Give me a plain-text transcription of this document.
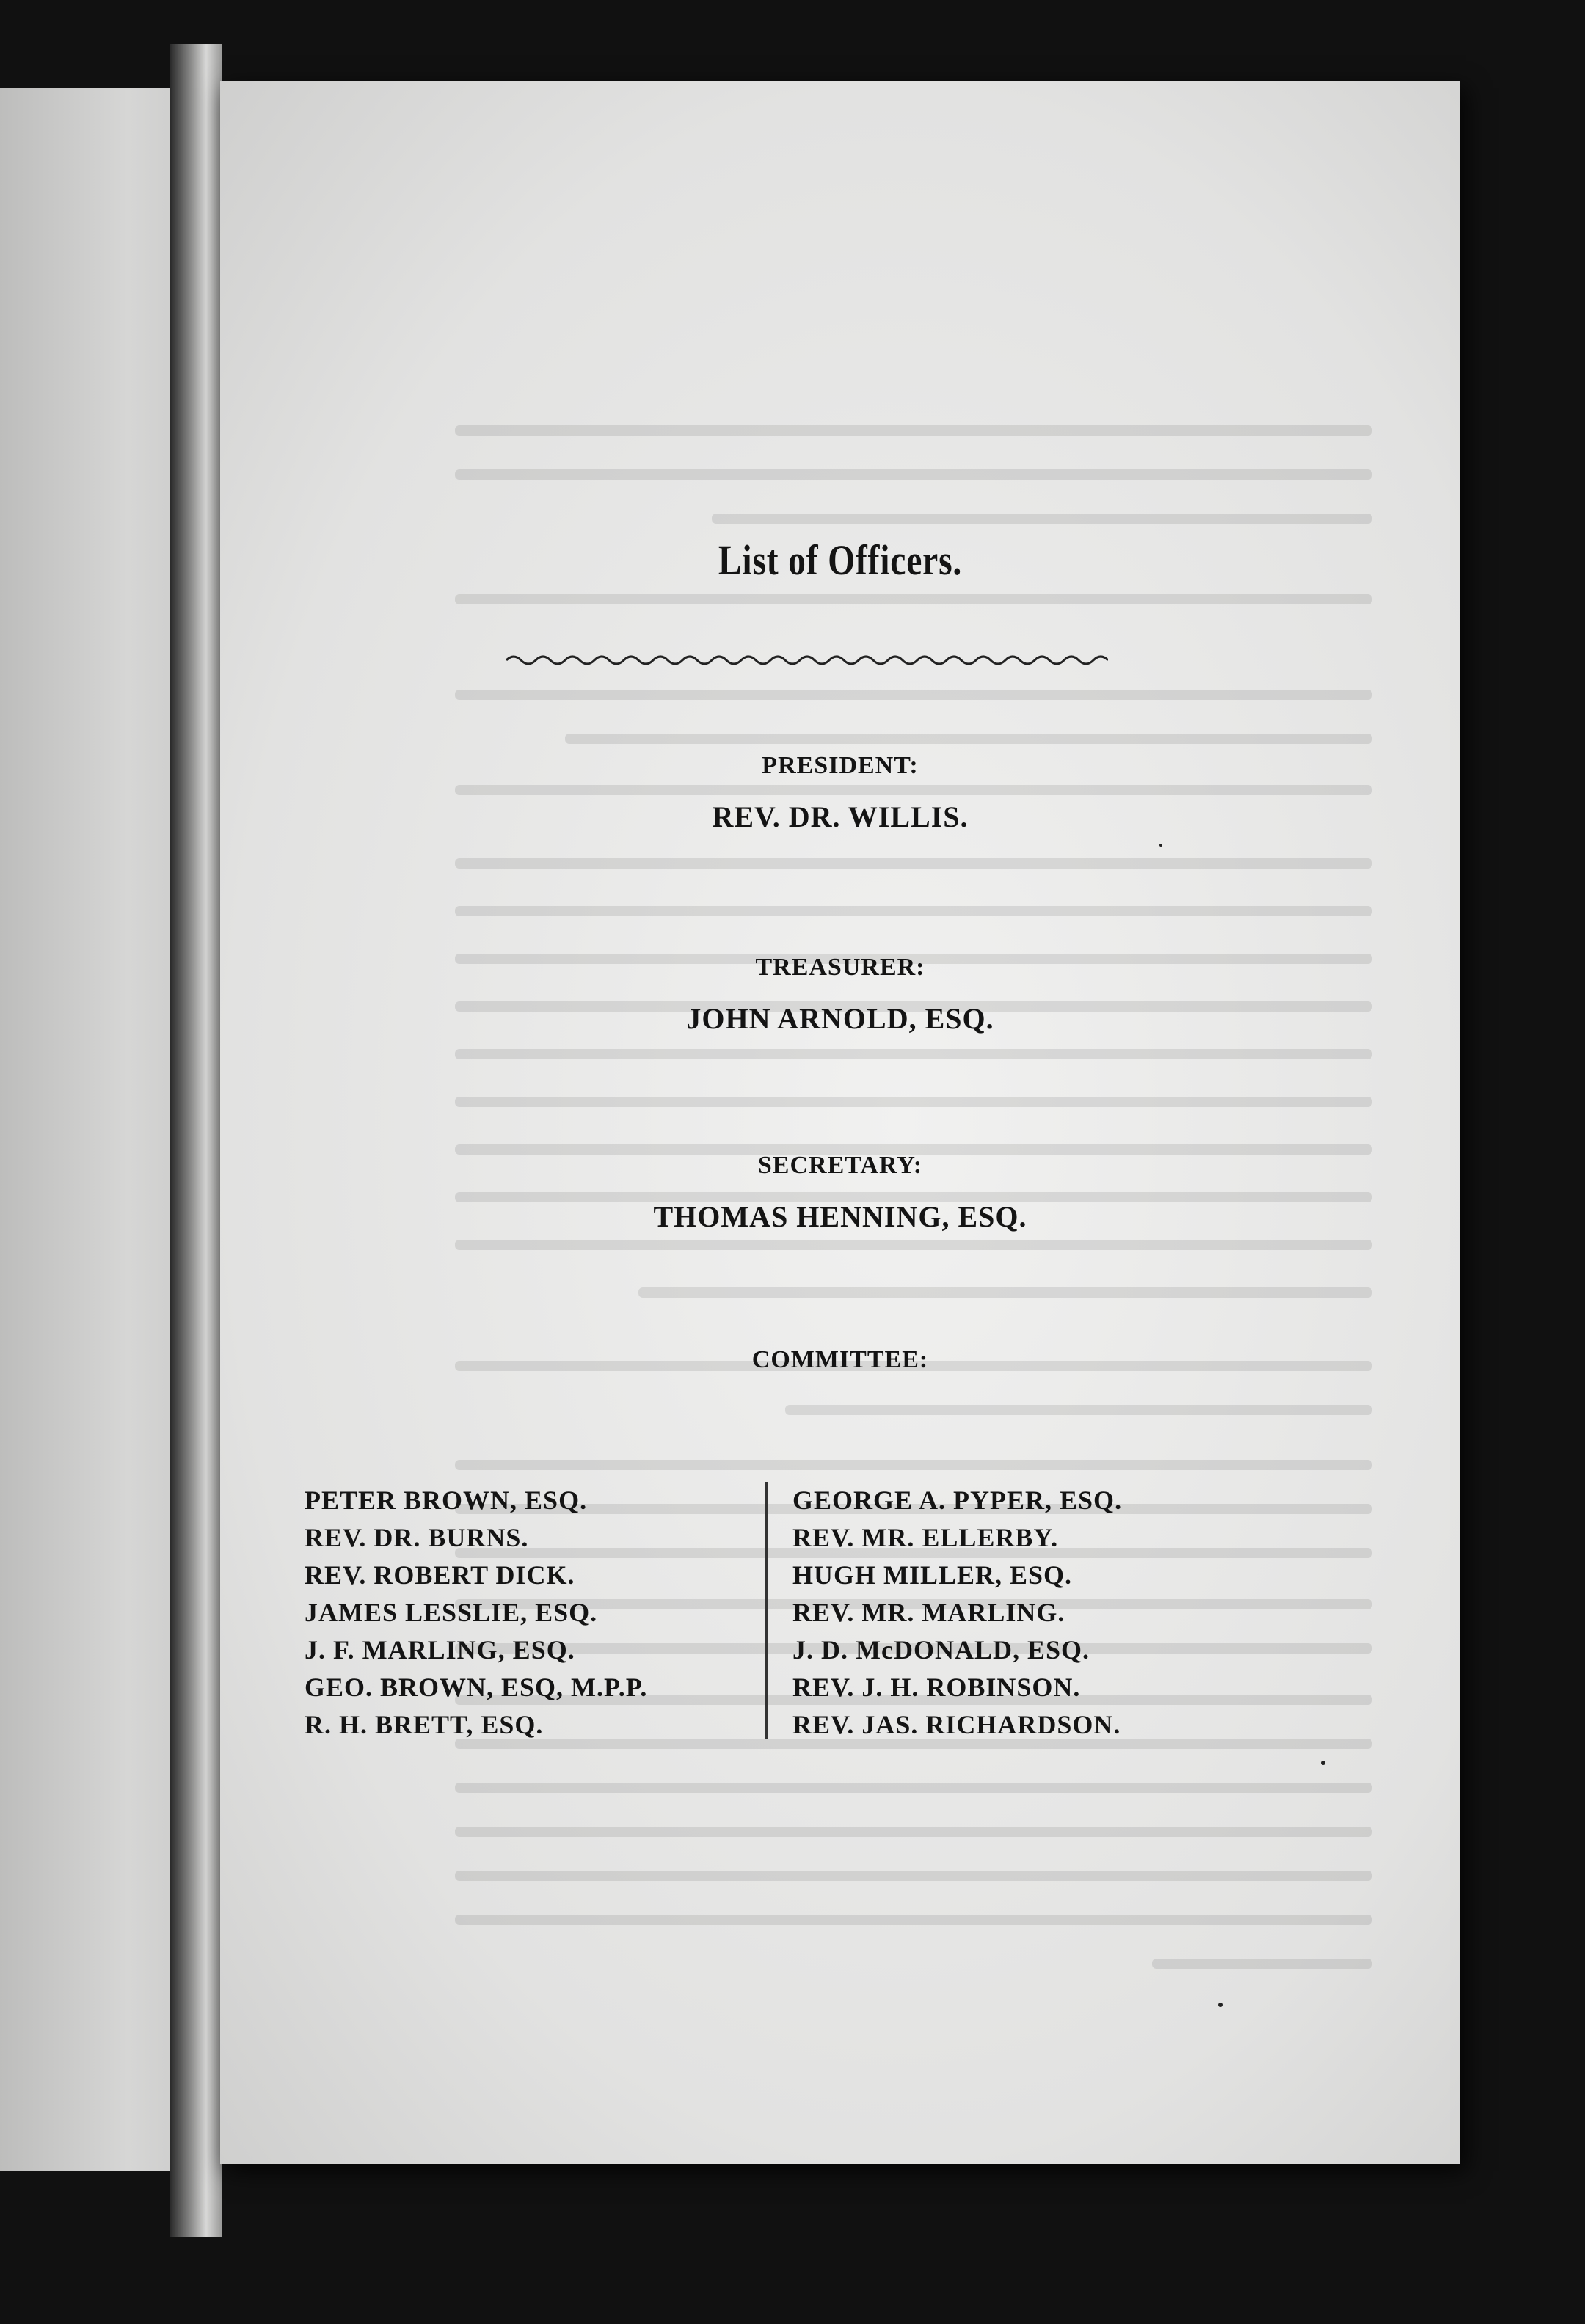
List of Officers.
PRESIDENT:
REV. DR. WILLIS.
TREASURER:
JOHN ARNOLD, ESQ.
SECRETARY:
THOMAS HENNING, ESQ.
COMMITTEE:
PETER BROWN, ESQ.
REV. DR. BURNS.
REV. ROBERT DICK.
JAMES LESSLIE, ESQ.
J. F. MARLING, ESQ.
GEO. BROWN, ESQ, M.P.P.
R. H. BRETT, ESQ.
GEORGE A. PYPER, ESQ.
REV. MR. ELLERBY.
HUGH MILLER, ESQ.
REV. MR. MARLING.
J. D. McDONALD, ESQ.
REV. J. H. ROBINSON.
REV. JAS. RICHARDSON.
